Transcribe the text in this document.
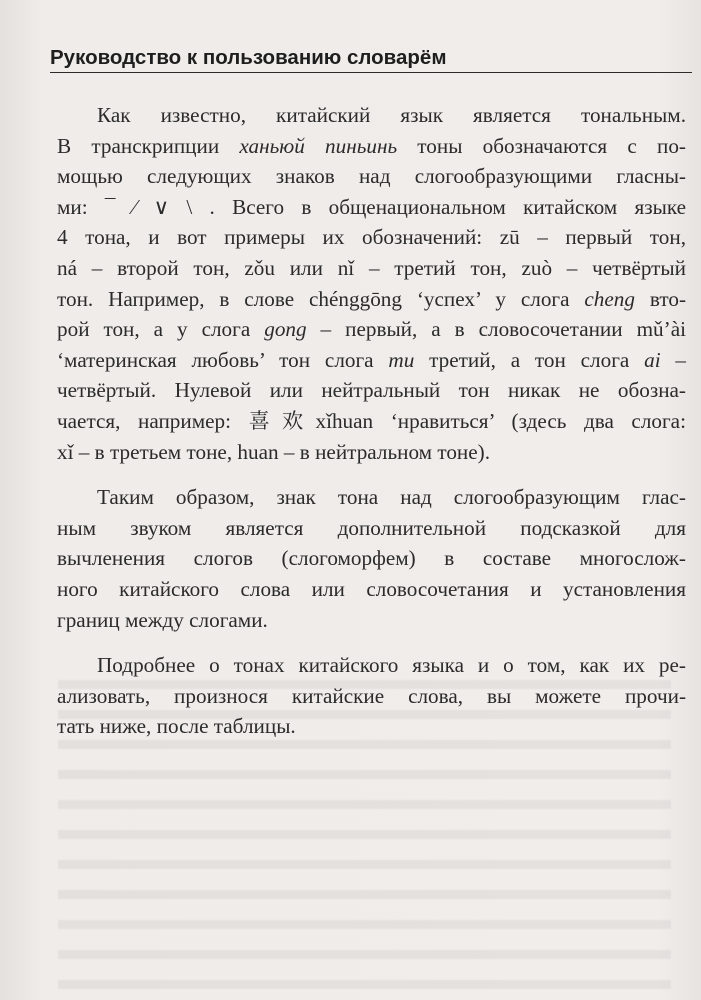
Руководство к пользованию словарём

Как известно, китайский язык является тональным.
В транскрипции ханьюй пиньинь тоны обозначаются с по-
мощью следующих знаков над слогообразующими гласны-
ми: ¯ ⁄ ∨ \ . Всего в общенациональном китайском языке
4 тона, и вот примеры их обозначений: zū – первый тон,
ná – второй тон, zǒu или nǐ – третий тон, zuò – четвёртый
тон. Например, в слове chénggōng ‘успех’ у слога cheng вто-
рой тон, а у слога gong – первый, а в словосочетании mǔ’ài
‘материнская любовь’ тон слога mu третий, а тон слога ai –
четвёртый. Нулевой или нейтральный тон никак не обозна-
чается, например: 喜欢xǐhuan ‘нравиться’ (здесь два слога:
xǐ – в третьем тоне, huan – в нейтральном тоне).

Таким образом, знак тона над слогообразующим глас-
ным звуком является дополнительной подсказкой для
вычленения слогов (слогоморфем) в составе многослож-
ного китайского слова или словосочетания и установления
границ между слогами.

Подробнее о тонах китайского языка и о том, как их ре-
ализовать, произнося китайские слова, вы можете прочи-
тать ниже, после таблицы.
